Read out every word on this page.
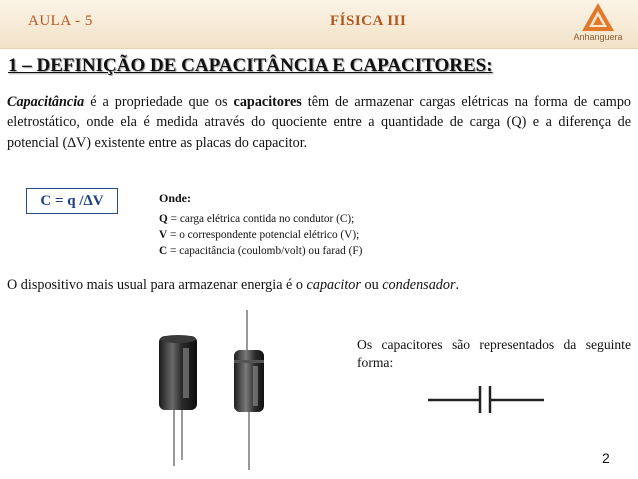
AULA - 5	FÍSICA III
Anhanguera
1 – DEFINIÇÃO DE CAPACITÂNCIA E CAPACITORES:
Capacitância é a propriedade que os capacitores têm de armazenar cargas elétricas na forma de campo eletrostático, onde ela é medida através do quociente entre a quantidade de carga (Q) e a diferença de potencial (∆V) existente entre as placas do capacitor.
C = q /∆V	Onde:
Q = carga elétrica contida no condutor (C);
V = o correspondente potencial elétrico (V);
C = capacitância (coulomb/volt) ou farad (F)
O dispositivo mais usual para armazenar energia é o capacitor ou condensador.
Os capacitores são representados da seguinte forma:
2
